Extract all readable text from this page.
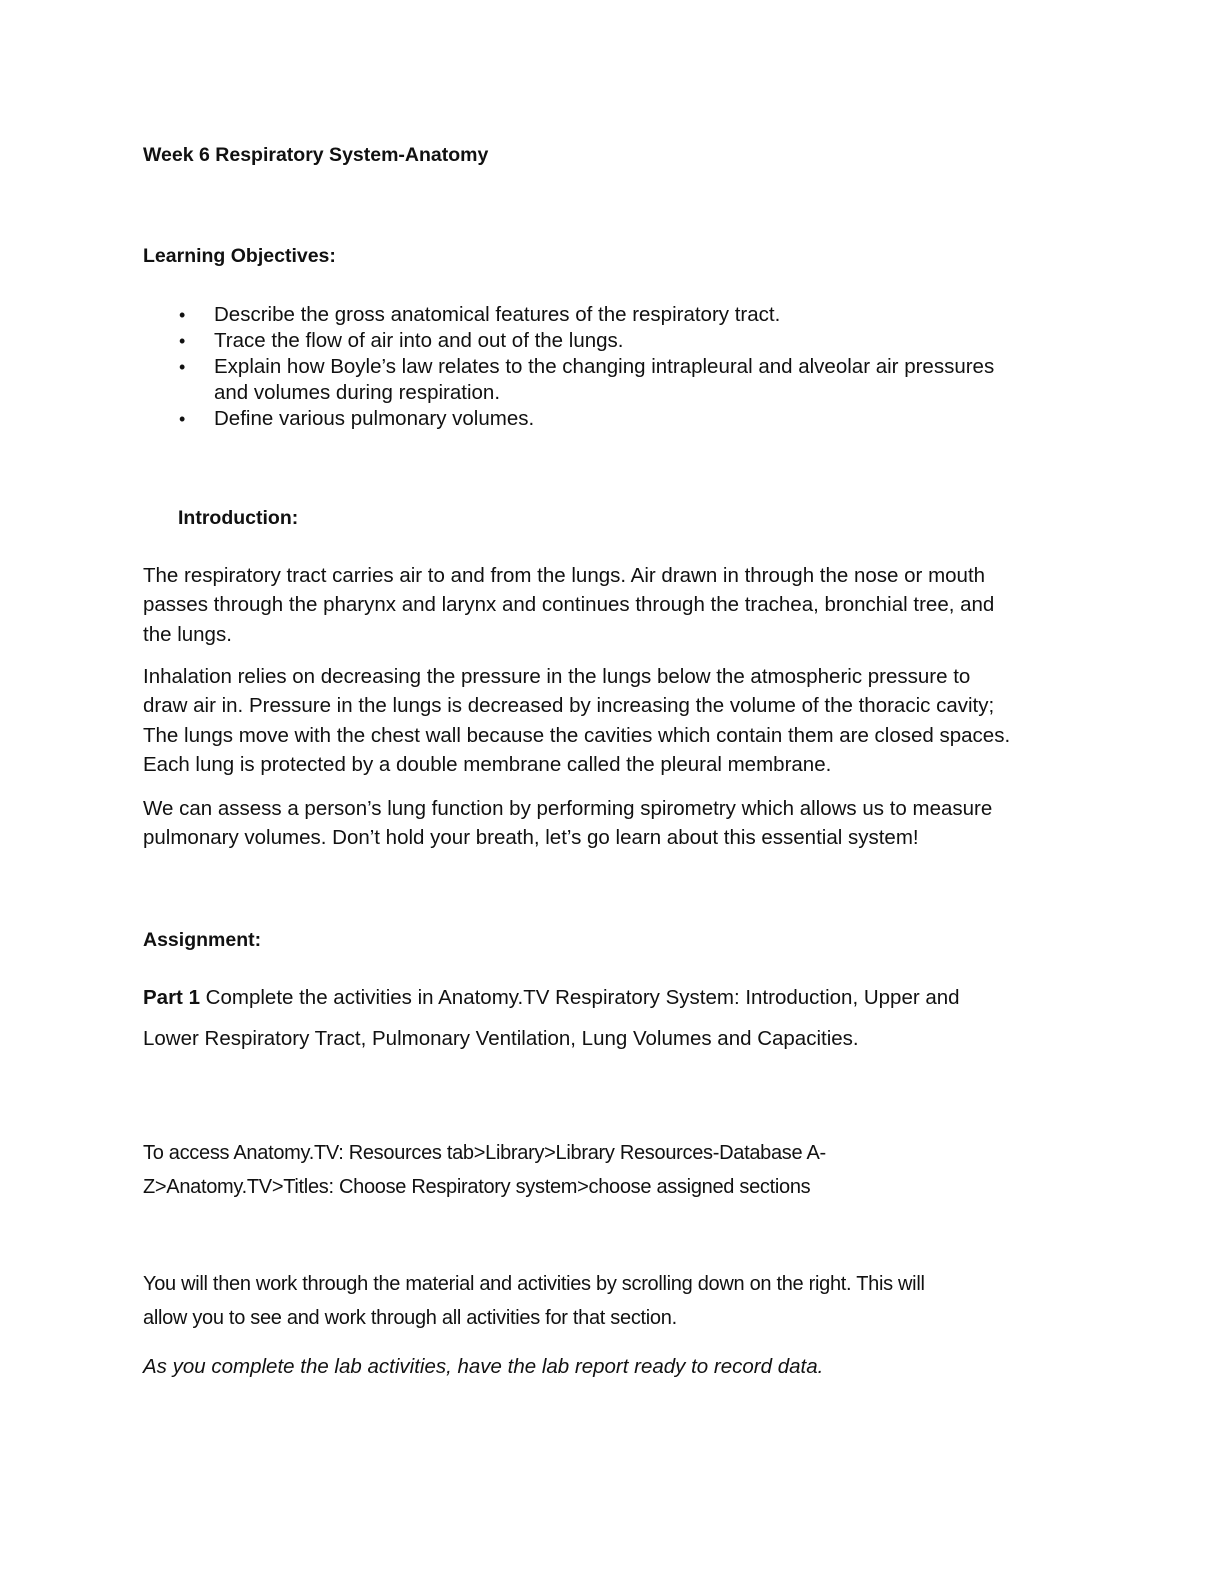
Week 6 Respiratory System-Anatomy
Learning Objectives:
• Describe the gross anatomical features of the respiratory tract.
• Trace the flow of air into and out of the lungs.
• Explain how Boyle’s law relates to the changing intrapleural and alveolar air pressures
and volumes during respiration.
• Define various pulmonary volumes.
Introduction:
The respiratory tract carries air to and from the lungs. Air drawn in through the nose or mouth
passes through the pharynx and larynx and continues through the trachea, bronchial tree, and
the lungs.
Inhalation relies on decreasing the pressure in the lungs below the atmospheric pressure to
draw air in. Pressure in the lungs is decreased by increasing the volume of the thoracic cavity;
The lungs move with the chest wall because the cavities which contain them are closed spaces.
Each lung is protected by a double membrane called the pleural membrane.
We can assess a person’s lung function by performing spirometry which allows us to measure
pulmonary volumes. Don’t hold your breath, let’s go learn about this essential system!
Assignment:
Part 1 Complete the activities in Anatomy.TV Respiratory System: Introduction, Upper and
Lower Respiratory Tract, Pulmonary Ventilation, Lung Volumes and Capacities.
To access Anatomy.TV: Resources tab>Library>Library Resources-Database A-
Z>Anatomy.TV>Titles: Choose Respiratory system>choose assigned sections
You will then work through the material and activities by scrolling down on the right. This will
allow you to see and work through all activities for that section.
As you complete the lab activities, have the lab report ready to record data.
